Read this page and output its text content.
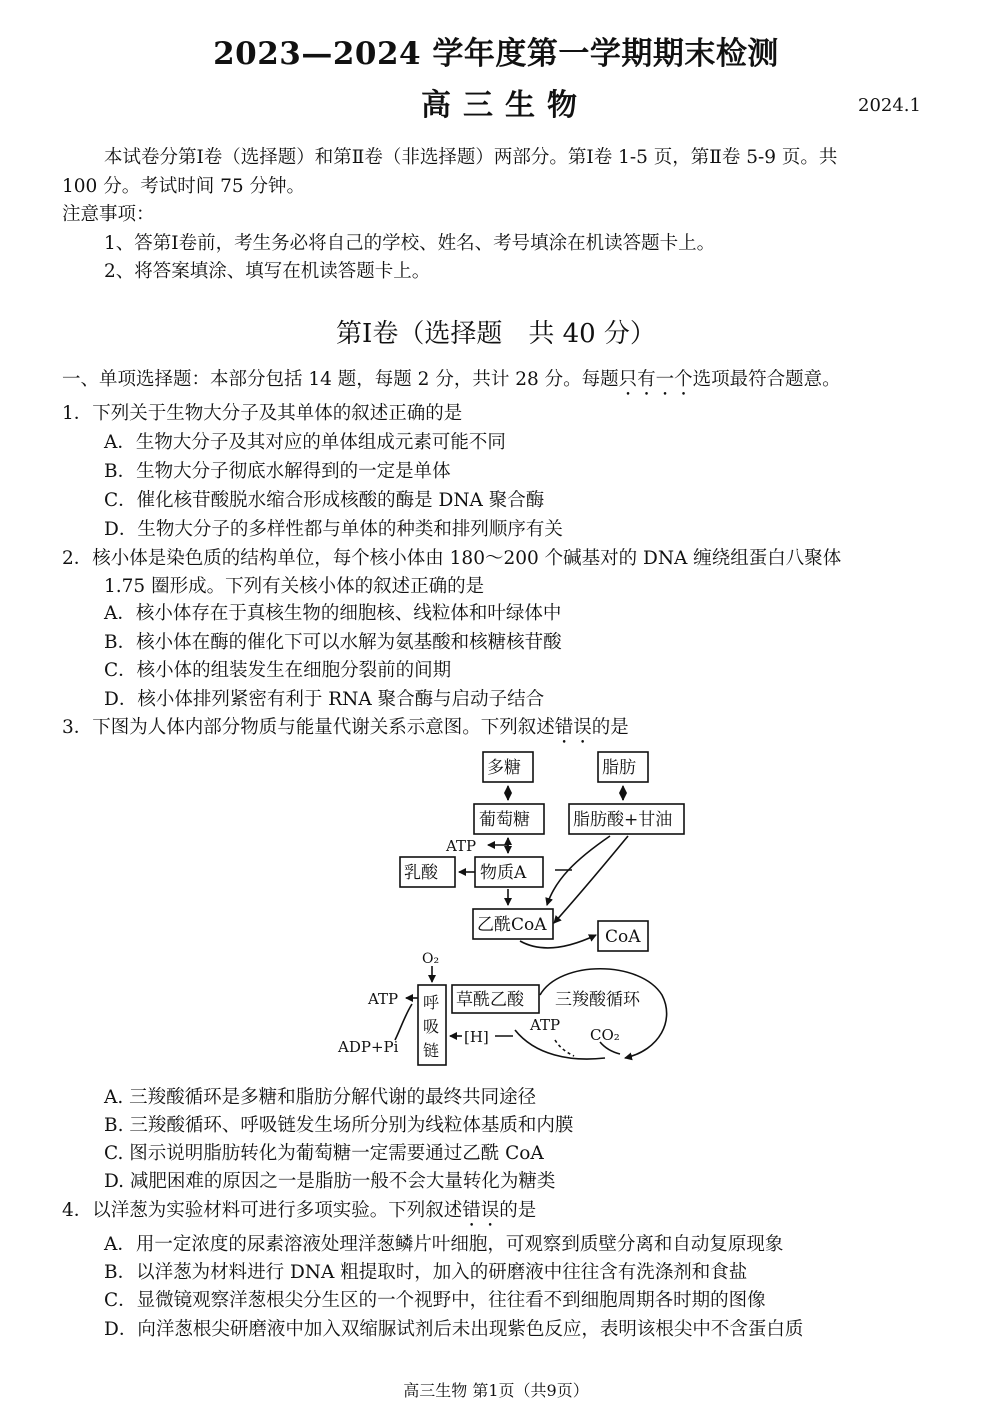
2023—2024 学年度第一学期期末检测
高三生物	2024.1
本试卷分第Ⅰ卷（选择题）和第Ⅱ卷（非选择题）两部分。第Ⅰ卷 1-5 页，第Ⅱ卷 5-9 页。共
100 分。考试时间 75 分钟。
注意事项：
1、答第Ⅰ卷前，考生务必将自己的学校、姓名、考号填涂在机读答题卡上。
2、将答案填涂、填写在机读答题卡上。
第Ⅰ卷（选择题　共 40 分）
一、单项选择题：本部分包括 14 题，每题 2 分，共计 28 分。每题只有一个选项最符合题意。
1．下列关于生物大分子及其单体的叙述正确的是
A．生物大分子及其对应的单体组成元素可能不同
B．生物大分子彻底水解得到的一定是单体
C．催化核苷酸脱水缩合形成核酸的酶是 DNA 聚合酶
D．生物大分子的多样性都与单体的种类和排列顺序有关
2．核小体是染色质的结构单位，每个核小体由 180～200 个碱基对的 DNA 缠绕组蛋白八聚体
1.75 圈形成。下列有关核小体的叙述正确的是
A．核小体存在于真核生物的细胞核、线粒体和叶绿体中
B．核小体在酶的催化下可以水解为氨基酸和核糖核苷酸
C．核小体的组装发生在细胞分裂前的间期
D．核小体排列紧密有利于 RNA 聚合酶与启动子结合
3．下图为人体内部分物质与能量代谢关系示意图。下列叙述错误的是
多糖	脂肪
葡萄糖	脂肪酸+甘油
ATP
乳酸 物质A
乙酰CoA
CoA
O₂
ATP 呼
吸
链
草酰乙酸 三羧酸循环
ATP
CO₂
[H]
ADP+Pi
A. 三羧酸循环是多糖和脂肪分解代谢的最终共同途径
B. 三羧酸循环、呼吸链发生场所分别为线粒体基质和内膜
C. 图示说明脂肪转化为葡萄糖一定需要通过乙酰 CoA
D. 减肥困难的原因之一是脂肪一般不会大量转化为糖类
4．以洋葱为实验材料可进行多项实验。下列叙述错误的是
A．用一定浓度的尿素溶液处理洋葱鳞片叶细胞，可观察到质壁分离和自动复原现象
B．以洋葱为材料进行 DNA 粗提取时，加入的研磨液中往往含有洗涤剂和食盐
C．显微镜观察洋葱根尖分生区的一个视野中，往往看不到细胞周期各时期的图像
D．向洋葱根尖研磨液中加入双缩脲试剂后未出现紫色反应，表明该根尖中不含蛋白质
高三生物 第1页（共9页）
